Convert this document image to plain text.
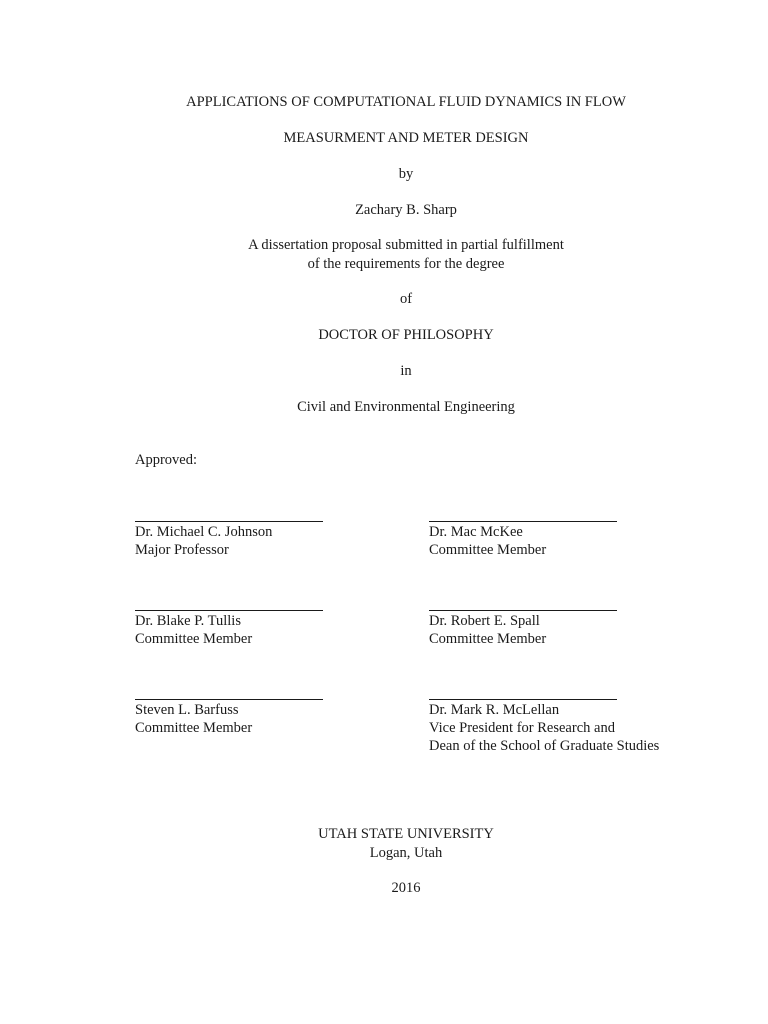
APPLICATIONS OF COMPUTATIONAL FLUID DYNAMICS IN FLOW
MEASURMENT AND METER DESIGN
by
Zachary B. Sharp
A dissertation proposal submitted in partial fulfillment
of the requirements for the degree
of
DOCTOR OF PHILOSOPHY
in
Civil and Environmental Engineering
Approved:
Dr. Michael C. Johnson
Major Professor
Dr. Mac McKee
Committee Member
Dr. Blake P. Tullis
Committee Member
Dr. Robert E. Spall
Committee Member
Steven L. Barfuss
Committee Member
Dr. Mark R. McLellan
Vice President for Research and
Dean of the School of Graduate Studies
UTAH STATE UNIVERSITY
Logan, Utah
2016
